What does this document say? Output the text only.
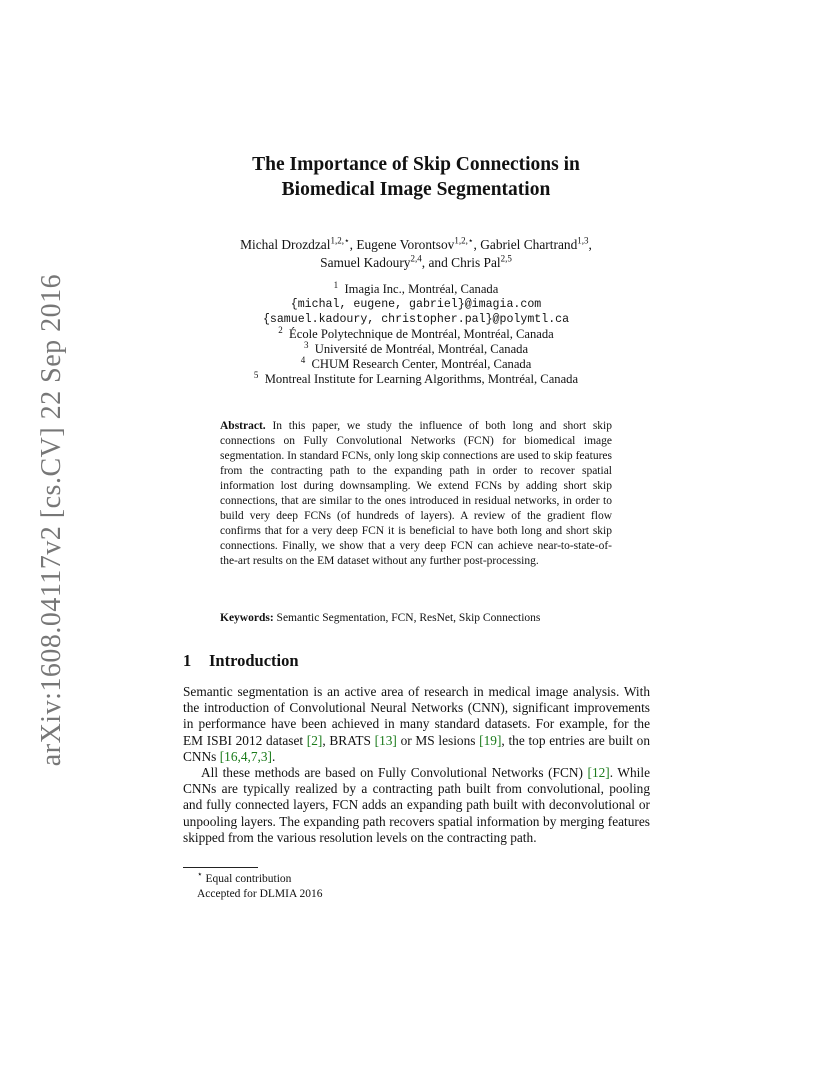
arXiv:1608.04117v2 [cs.CV] 22 Sep 2016
The Importance of Skip Connections in
Biomedical Image Segmentation
Michal Drozdzal$^{1,2,⋆}$, Eugene Vorontsov$^{1,2,⋆}$, Gabriel Chartrand$^{1,3}$,
Samuel Kadoury$^{2,4}$, and Chris Pal$^{2,5}$
$^1$ Imagia Inc., Montréal, Canada
{michal, eugene, gabriel}@imagia.com
{samuel.kadoury, christopher.pal}@polymtl.ca
$^2$ École Polytechnique de Montréal, Montréal, Canada
$^3$ Université de Montréal, Montréal, Canada
$^4$ CHUM Research Center, Montréal, Canada
$^5$ Montreal Institute for Learning Algorithms, Montréal, Canada
Abstract. In this paper, we study the influence of both long and short skip connections on Fully Convolutional Networks (FCN) for biomedical image segmentation. In standard FCNs, only long skip connections are used to skip features from the contracting path to the expanding path in order to recover spatial information lost during downsampling. We extend FCNs by adding short skip connections, that are similar to the ones introduced in residual networks, in order to build very deep FCNs (of hundreds of layers). A review of the gradient flow confirms that for a very deep FCN it is beneficial to have both long and short skip connections. Finally, we show that a very deep FCN can achieve near-to-state-of-the-art results on the EM dataset without any further post-processing.
Keywords: Semantic Segmentation, FCN, ResNet, Skip Connections
1 Introduction

Semantic segmentation is an active area of research in medical image analysis. With the introduction of Convolutional Neural Networks (CNN), significant improvements in performance have been achieved in many standard datasets. For example, for the EM ISBI 2012 dataset [2], BRATS [13] or MS lesions [19], the top entries are built on CNNs [16,4,7,3].

All these methods are based on Fully Convolutional Networks (FCN) [12]. While CNNs are typically realized by a contracting path built from convolutional, pooling and fully connected layers, FCN adds an expanding path built with deconvolutional or unpooling layers. The expanding path recovers spatial information by merging features skipped from the various resolution levels on the contracting path.

⋆ Equal contribution
Accepted for DLMIA 2016
